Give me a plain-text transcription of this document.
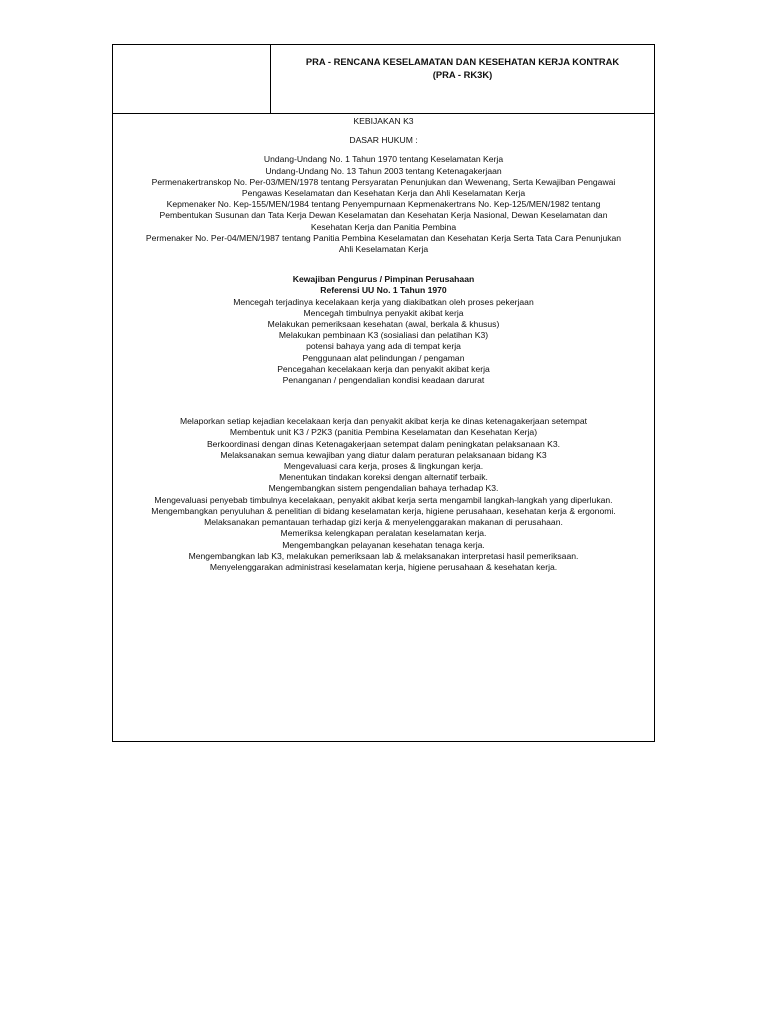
PRA - RENCANA KESELAMATAN DAN KESEHATAN KERJA KONTRAK
(PRA - RK3K)
KEBIJAKAN K3
DASAR HUKUM :
Undang-Undang No. 1 Tahun 1970 tentang Keselamatan Kerja
Undang-Undang No. 13 Tahun 2003 tentang Ketenagakerjaan
Permenakertranskop No. Per-03/MEN/1978 tentang Persyaratan Penunjukan dan Wewenang, Serta Kewajiban Pengawai
Pengawas Keselamatan dan Kesehatan Kerja dan Ahli Keselamatan Kerja
Kepmenaker No. Kep-155/MEN/1984 tentang Penyempurnaan Kepmenakertrans No. Kep-125/MEN/1982 tentang
Pembentukan Susunan dan Tata Kerja Dewan Keselamatan dan Kesehatan Kerja Nasional, Dewan Keselamatan dan
Kesehatan Kerja dan Panitia Pembina
Permenaker No. Per-04/MEN/1987 tentang Panitia Pembina Keselamatan dan Kesehatan Kerja Serta Tata Cara Penunjukan
Ahli Keselamatan Kerja
Kewajiban Pengurus / Pimpinan Perusahaan
Referensi UU No. 1 Tahun 1970
Mencegah terjadinya kecelakaan kerja yang diakibatkan oleh proses pekerjaan
Mencegah timbulnya penyakit akibat kerja
Melakukan pemeriksaan kesehatan (awal, berkala & khusus)
Melakukan pembinaan K3 (sosialiasi dan pelatihan K3)
potensi bahaya yang ada di tempat kerja
Penggunaan alat pelindungan / pengaman
Pencegahan kecelakaan kerja dan penyakit akibat kerja
Penanganan / pengendalian kondisi keadaan darurat
Melaporkan setiap kejadian kecelakaan kerja dan penyakit akibat kerja ke dinas ketenagakerjaan setempat
Membentuk unit K3 / P2K3 (panitia Pembina Keselamatan dan Kesehatan Kerja)
Berkoordinasi dengan dinas Ketenagakerjaan setempat dalam peningkatan pelaksanaan K3.
Melaksanakan semua kewajiban yang diatur dalam peraturan pelaksanaan bidang K3
Mengevaluasi cara kerja, proses & lingkungan kerja.
Menentukan tindakan koreksi dengan alternatif terbaik.
Mengembangkan sistem pengendalian bahaya terhadap K3.
Mengevaluasi penyebab timbulnya kecelakaan, penyakit akibat kerja serta mengambil langkah-langkah yang diperlukan.
Mengembangkan penyuluhan & penelitian di bidang keselamatan kerja, higiene perusahaan, kesehatan kerja & ergonomi.
Melaksanakan pemantauan terhadap gizi kerja & menyelenggarakan makanan di perusahaan.
Memeriksa kelengkapan peralatan keselamatan kerja.
Mengembangkan pelayanan kesehatan tenaga kerja.
Mengembangkan lab K3, melakukan pemeriksaan lab & melaksanakan interpretasi hasil pemeriksaan.
Menyelenggarakan administrasi keselamatan kerja, higiene perusahaan & kesehatan kerja.
